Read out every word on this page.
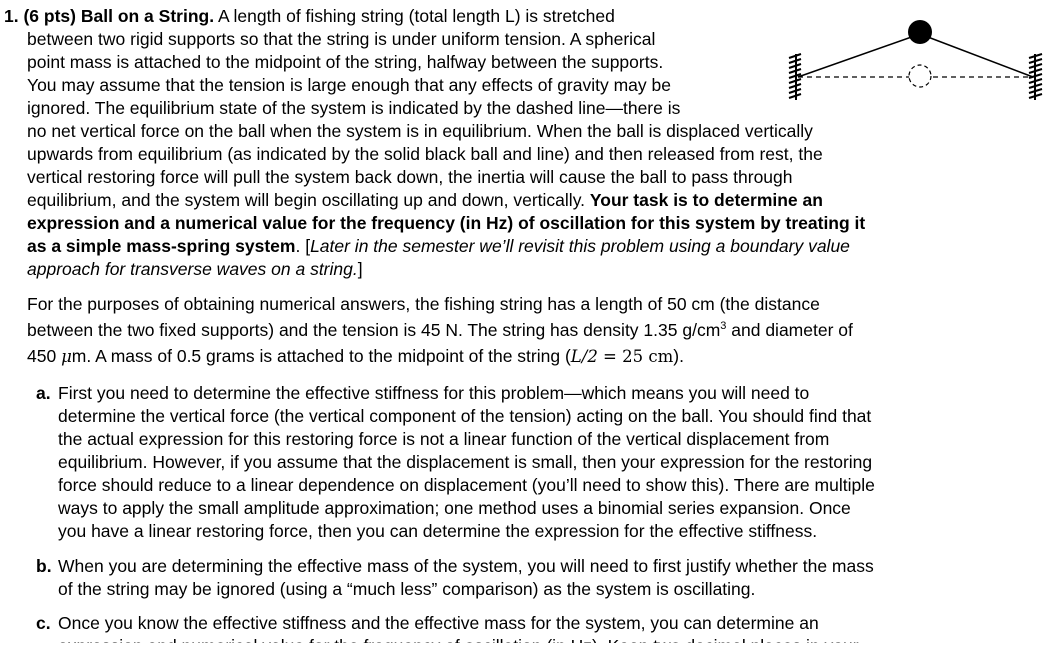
1. (6 pts) Ball on a String. A length of fishing string (total length L) is stretched
between two rigid supports so that the string is under uniform tension. A spherical
point mass is attached to the midpoint of the string, halfway between the supports.
You may assume that the tension is large enough that any effects of gravity may be
ignored. The equilibrium state of the system is indicated by the dashed line—there is
no net vertical force on the ball when the system is in equilibrium. When the ball is displaced vertically
upwards from equilibrium (as indicated by the solid black ball and line) and then released from rest, the
vertical restoring force will pull the system back down, the inertia will cause the ball to pass through
equilibrium, and the system will begin oscillating up and down, vertically. Your task is to determine an
expression and a numerical value for the frequency (in Hz) of oscillation for this system by treating it
as a simple mass-spring system. [Later in the semester we’ll revisit this problem using a boundary value
approach for transverse waves on a string.]
For the purposes of obtaining numerical answers, the fishing string has a length of 50 cm (the distance
between the two fixed supports) and the tension is 45 N. The string has density 1.35 $g/cm^3$ and diameter of
450 μm. A mass of 0.5 grams is attached to the midpoint of the string (L/2 = 25 cm).
a. First you need to determine the effective stiffness for this problem—which means you will need to
determine the vertical force (the vertical component of the tension) acting on the ball. You should find that
the actual expression for this restoring force is not a linear function of the vertical displacement from
equilibrium. However, if you assume that the displacement is small, then your expression for the restoring
force should reduce to a linear dependence on displacement (you’ll need to show this). There are multiple
ways to apply the small amplitude approximation; one method uses a binomial series expansion. Once
you have a linear restoring force, then you can determine the expression for the effective stiffness.
b. When you are determining the effective mass of the system, you will need to first justify whether the mass
of the string may be ignored (using a “much less” comparison) as the system is oscillating.
c. Once you know the effective stiffness and the effective mass for the system, you can determine an
